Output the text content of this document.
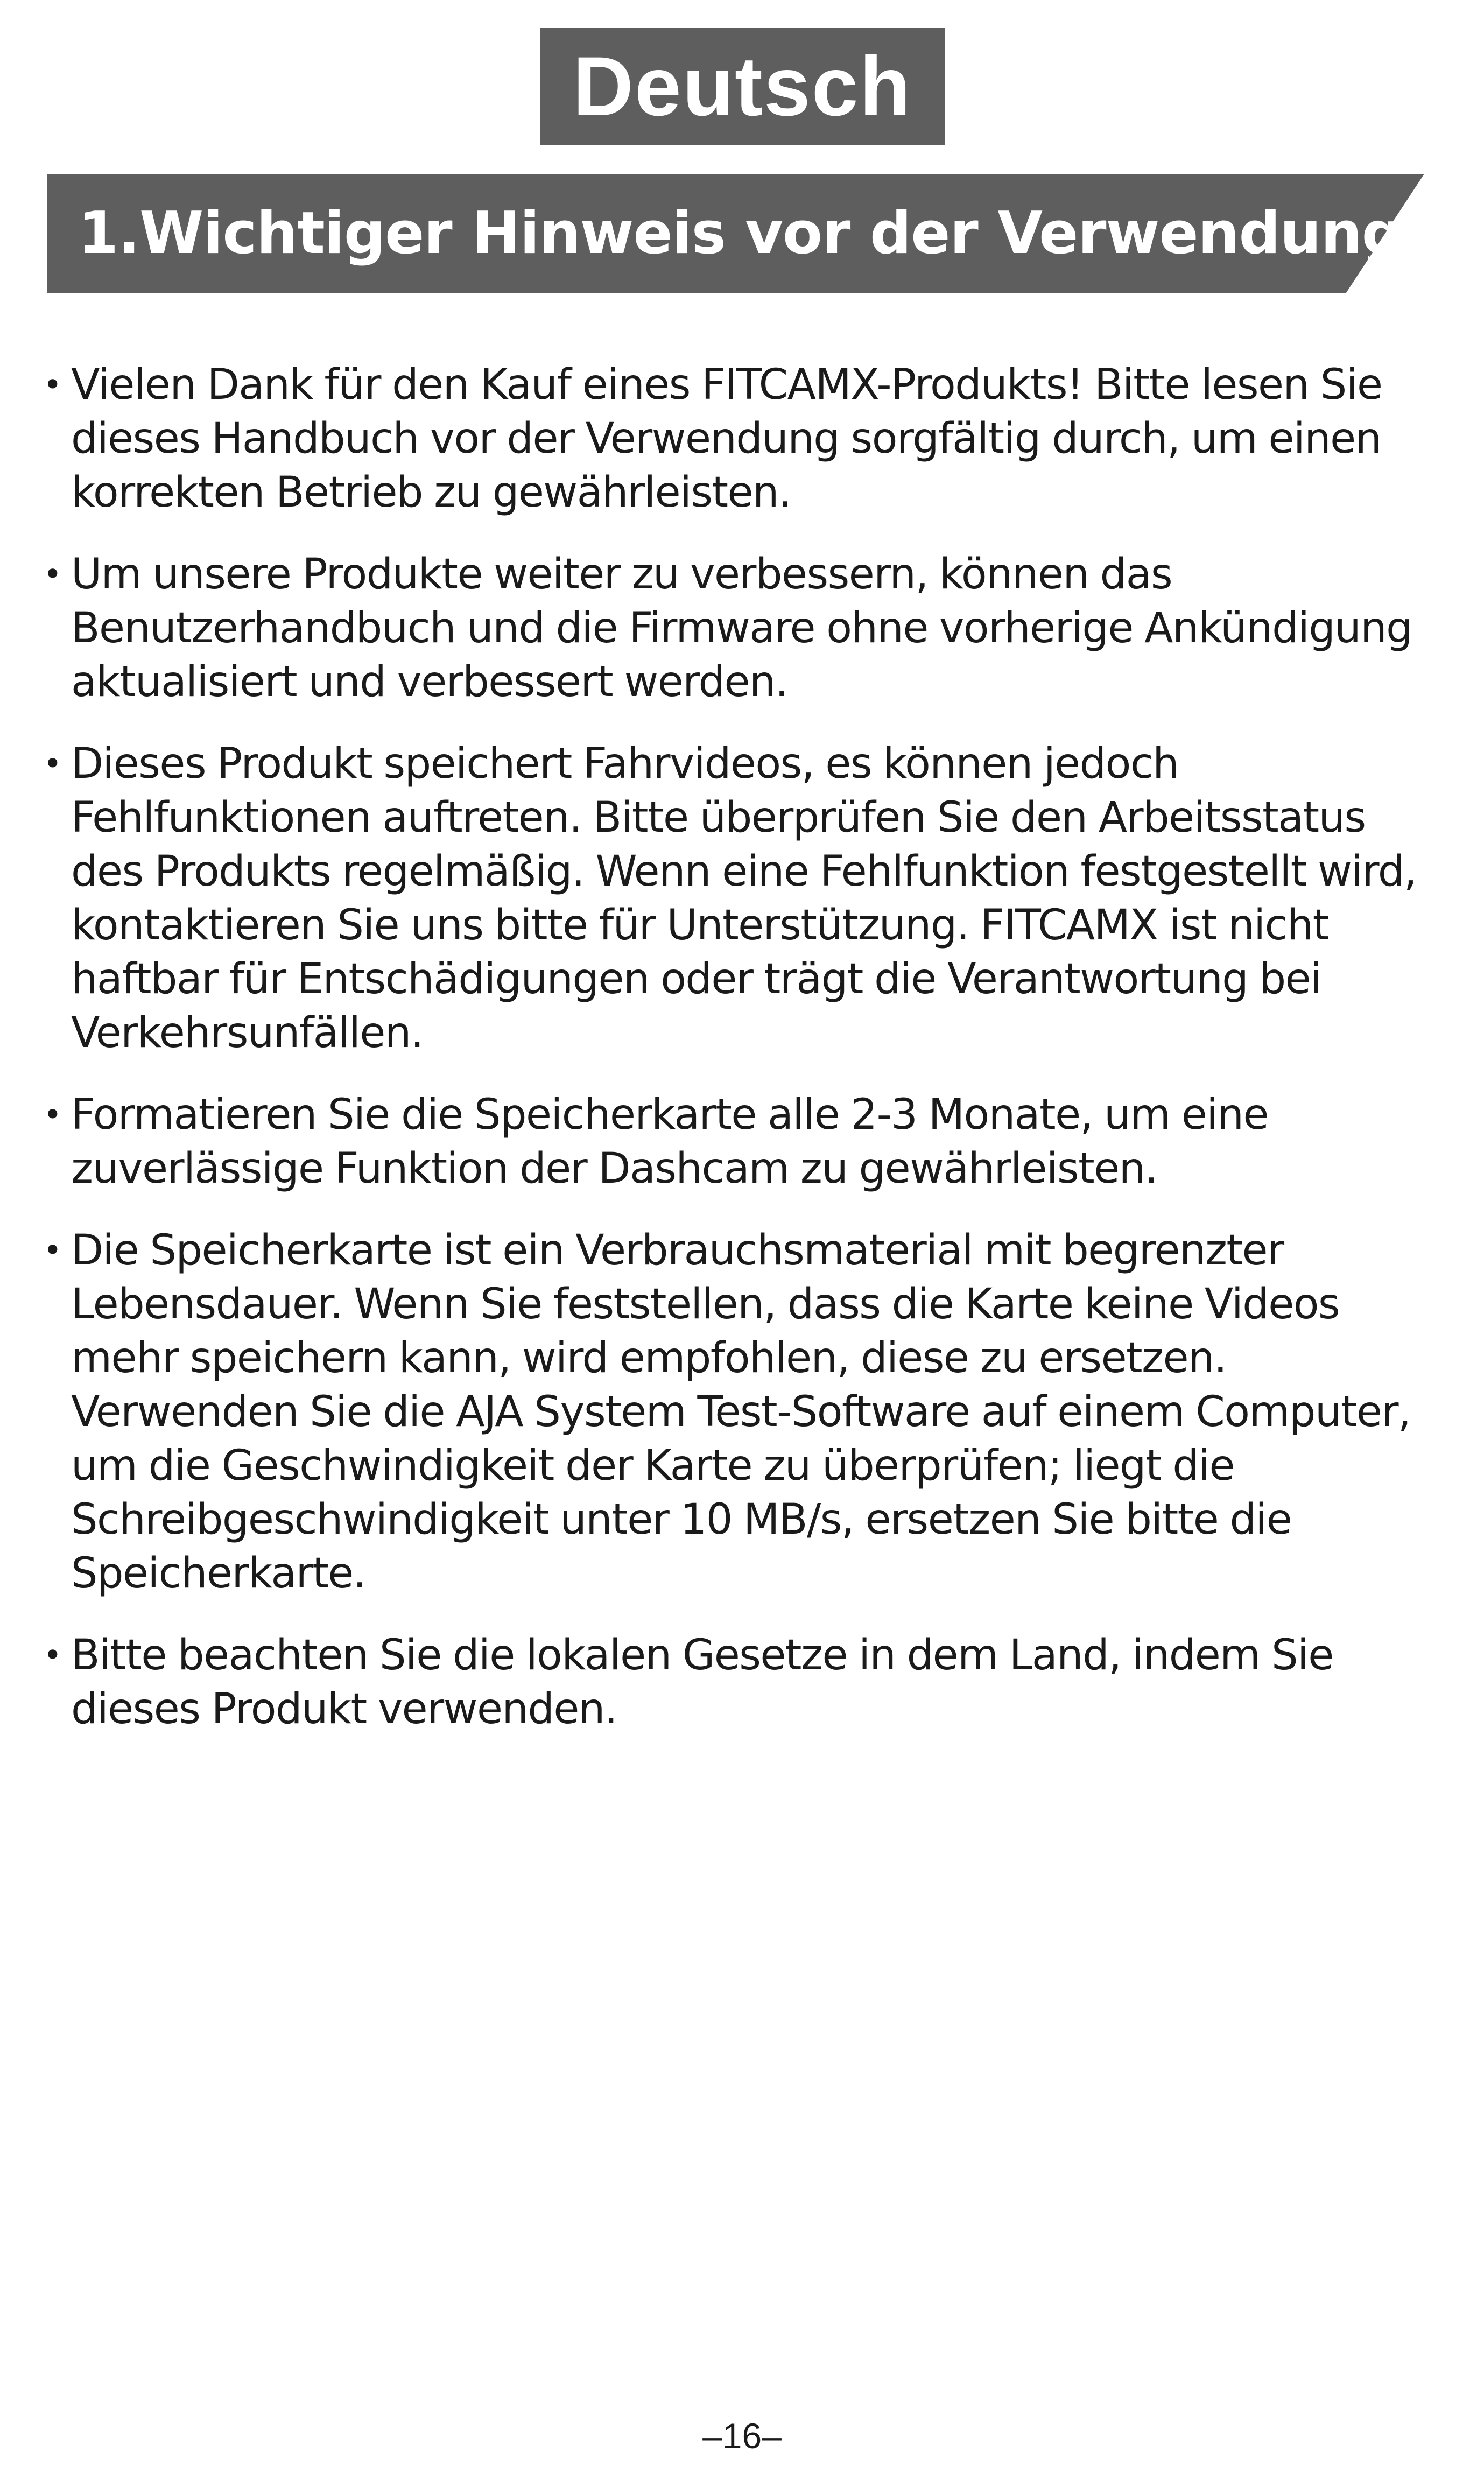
Deutsch
1.Wichtiger Hinweis vor der Verwendung
• Vielen Dank für den Kauf eines FITCAMX-Produkts! Bitte lesen Sie dieses Handbuch vor der Verwendung sorgfältig durch, um einen korrekten Betrieb zu gewährleisten.
• Um unsere Produkte weiter zu verbessern, können das Benutzerhandbuch und die Firmware ohne vorherige Ankündigung aktualisiert und verbessert werden.
• Dieses Produkt speichert Fahrvideos, es können jedoch Fehlfunktionen auftreten. Bitte überprüfen Sie den Arbeitsstatus des Produkts regelmäßig. Wenn eine Fehlfunktion festgestellt wird, kontaktieren Sie uns bitte für Unterstützung. FITCAMX ist nicht haftbar für Entschädigungen oder trägt die Verantwortung bei Verkehrsunfällen.
• Formatieren Sie die Speicherkarte alle 2-3 Monate, um eine zuverlässige Funktion der Dashcam zu gewährleisten.
• Die Speicherkarte ist ein Verbrauchsmaterial mit begrenzter Lebensdauer. Wenn Sie feststellen, dass die Karte keine Videos mehr speichern kann, wird empfohlen, diese zu ersetzen. Verwenden Sie die AJA System Test-Software auf einem Computer, um die Geschwindigkeit der Karte zu überprüfen; liegt die Schreibgeschwindigkeit unter 10 MB/s, ersetzen Sie bitte die Speicherkarte.
• Bitte beachten Sie die lokalen Gesetze in dem Land, indem Sie dieses Produkt verwenden.
–16–
